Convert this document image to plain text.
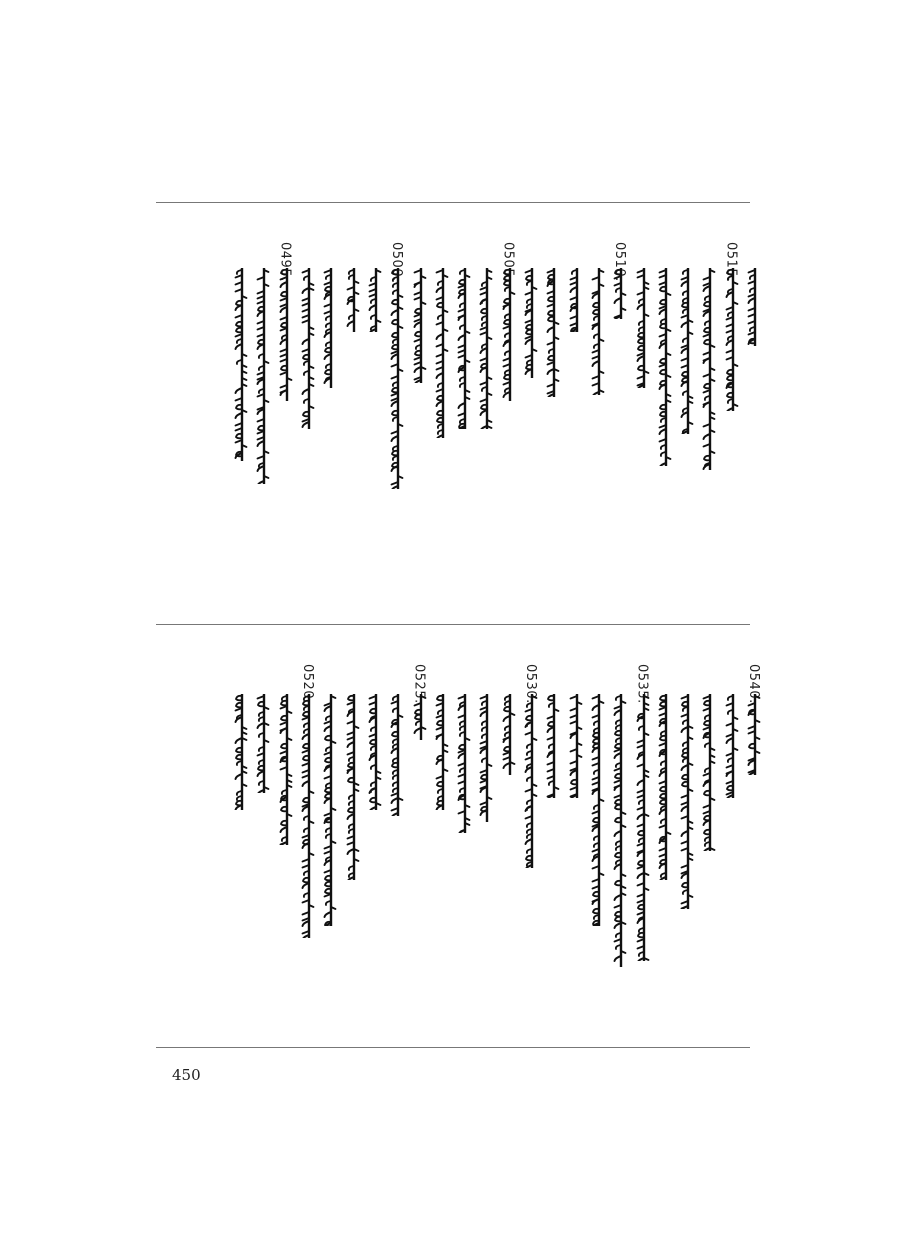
0515.
0510.
0505.
0500.
0495.
0540.
0535.
0530.
0525.
0520.
450
